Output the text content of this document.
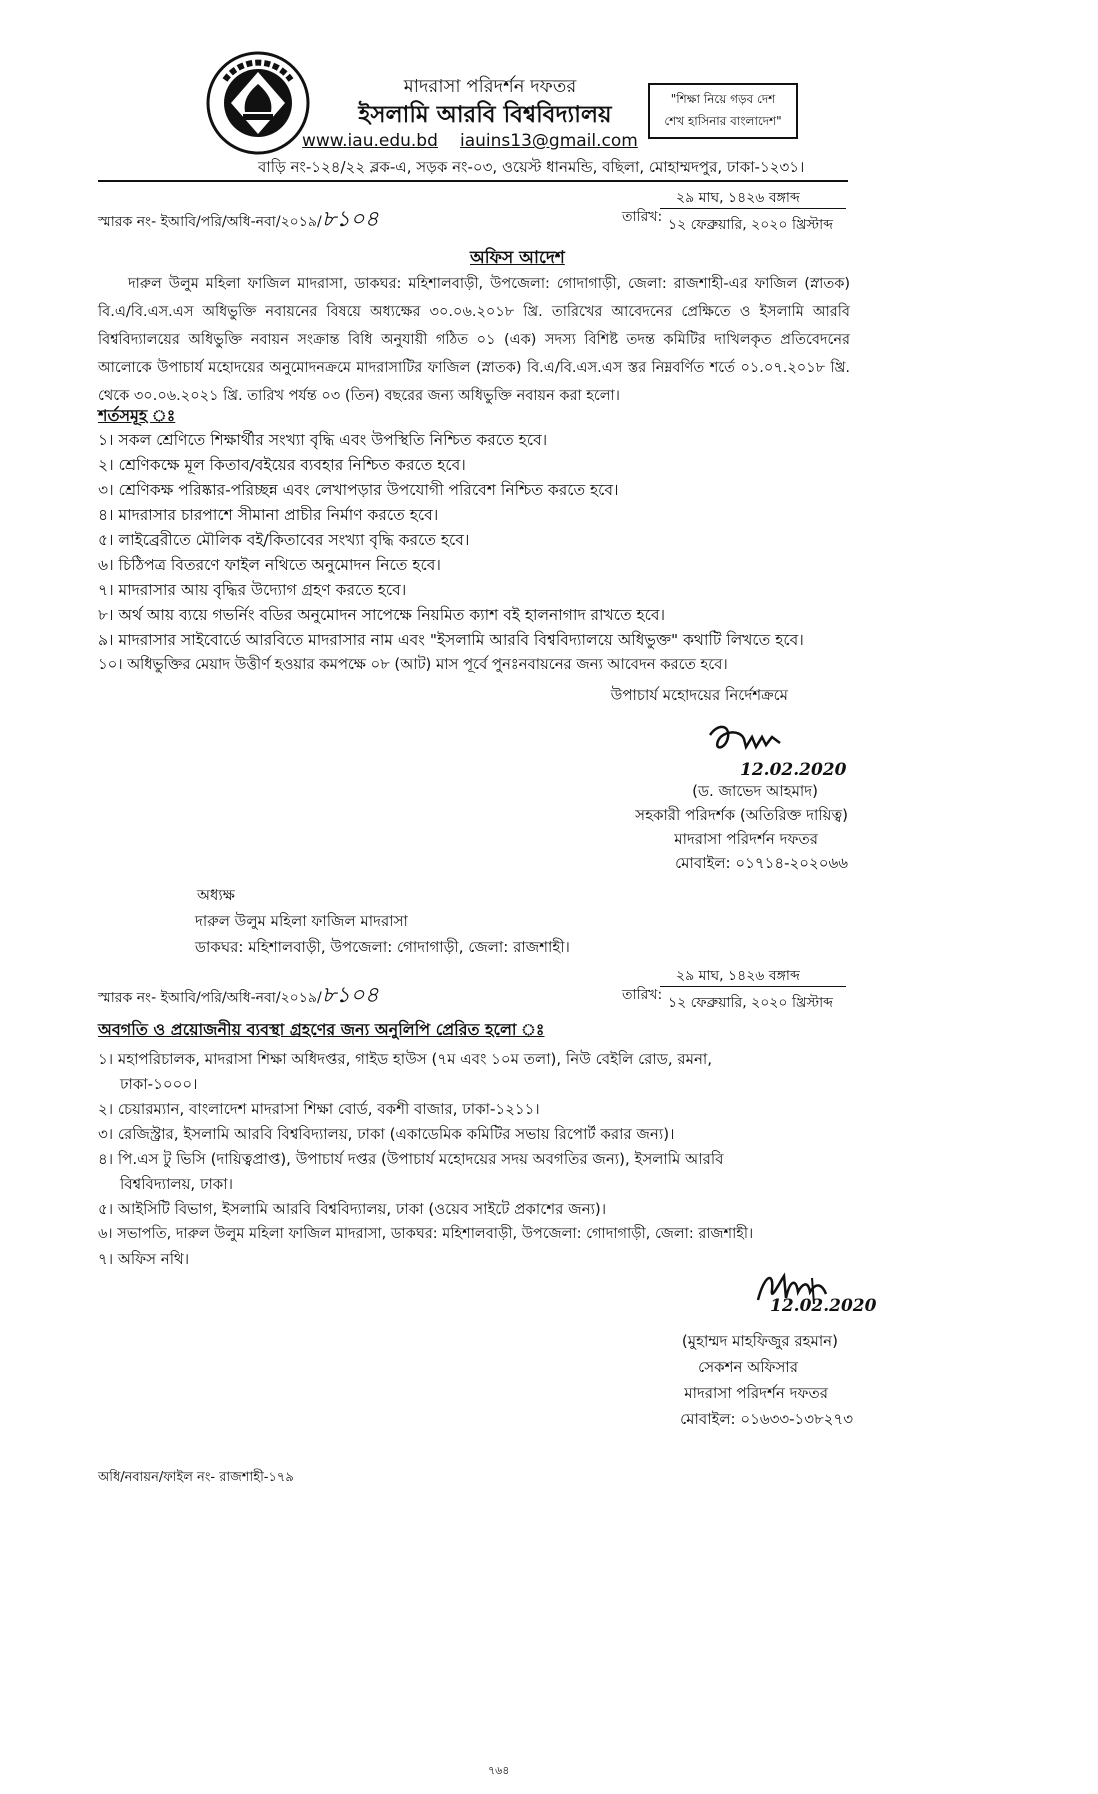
মাদরাসা পরিদর্শন দফতর
ইসলামি আরবি বিশ্ববিদ্যালয়
www.iau.edu.bd iauins13@gmail.com
"শিক্ষা নিয়ে গড়ব দেশ
শেখ হাসিনার বাংলাদেশ"
বাড়ি নং-১২৪/২২ ব্লক-এ, সড়ক নং-০৩, ওয়েস্ট ধানমন্ডি, বছিলা, মোহাম্মদপুর, ঢাকা-১২৩১।
স্মারক নং- ইআবি/পরি/অধি-নবা/২০১৯/৮১০৪	তারিখ:
২৯ মাঘ, ১৪২৬ বঙ্গাব্দ
১২ ফেব্রুয়ারি, ২০২০ খ্রিস্টাব্দ
অফিস আদেশ
দারুল উলুম মহিলা ফাজিল মাদরাসা, ডাকঘর: মহিশালবাড়ী, উপজেলা: গোদাগাড়ী, জেলা: রাজশাহী-এর ফাজিল (স্নাতক) বি.এ/বি.এস.এস অধিভুক্তি নবায়নের বিষয়ে অধ্যক্ষের ৩০.০৬.২০১৮ খ্রি. তারিখের আবেদনের প্রেক্ষিতে ও ইসলামি আরবি বিশ্ববিদ্যালয়ের অধিভুক্তি নবায়ন সংক্রান্ত বিধি অনুযায়ী গঠিত ০১ (এক) সদস্য বিশিষ্ট তদন্ত কমিটির দাখিলকৃত প্রতিবেদনের আলোকে উপাচার্য মহোদয়ের অনুমোদনক্রমে মাদরাসাটির ফাজিল (স্নাতক) বি.এ/বি.এস.এস স্তর নিম্নবর্ণিত শর্তে ০১.০৭.২০১৮ খ্রি. থেকে ৩০.০৬.২০২১ খ্রি. তারিখ পর্যন্ত ০৩ (তিন) বছরের জন্য অধিভুক্তি নবায়ন করা হলো।
শর্তসমূহ ঃ
১। সকল শ্রেণিতে শিক্ষার্থীর সংখ্যা বৃদ্ধি এবং উপস্থিতি নিশ্চিত করতে হবে।
২। শ্রেণিকক্ষে মূল কিতাব/বইয়ের ব্যবহার নিশ্চিত করতে হবে।
৩। শ্রেণিকক্ষ পরিষ্কার-পরিচ্ছন্ন এবং লেখাপড়ার উপযোগী পরিবেশ নিশ্চিত করতে হবে।
৪। মাদরাসার চারপাশে সীমানা প্রাচীর নির্মাণ করতে হবে।
৫। লাইব্রেরীতে মৌলিক বই/কিতাবের সংখ্যা বৃদ্ধি করতে হবে।
৬। চিঠিপত্র বিতরণে ফাইল নথিতে অনুমোদন নিতে হবে।
৭। মাদরাসার আয় বৃদ্ধির উদ্যোগ গ্রহণ করতে হবে।
৮। অর্থ আয় ব্যয়ে গভর্নিং বডির অনুমোদন সাপেক্ষে নিয়মিত ক্যাশ বই হালনাগাদ রাখতে হবে।
৯। মাদরাসার সাইবোর্ডে আরবিতে মাদরাসার নাম এবং "ইসলামি আরবি বিশ্ববিদ্যালয়ে অধিভুক্ত" কথাটি লিখতে হবে।
১০। অধিভুক্তির মেয়াদ উত্তীর্ণ হওয়ার কমপক্ষে ০৮ (আট) মাস পূর্বে পুনঃনবায়নের জন্য আবেদন করতে হবে।
উপাচার্য মহোদয়ের নির্দেশক্রমে
12.02.2020
(ড. জাভেদ আহমাদ)
সহকারী পরিদর্শক (অতিরিক্ত দায়িত্ব)
মাদরাসা পরিদর্শন দফতর
মোবাইল: ০১৭১৪-২০২০৬৬
অধ্যক্ষ
দারুল উলুম মহিলা ফাজিল মাদরাসা
ডাকঘর: মহিশালবাড়ী, উপজেলা: গোদাগাড়ী, জেলা: রাজশাহী।
স্মারক নং- ইআবি/পরি/অধি-নবা/২০১৯/৮১০৪	তারিখ:
২৯ মাঘ, ১৪২৬ বঙ্গাব্দ
১২ ফেব্রুয়ারি, ২০২০ খ্রিস্টাব্দ
অবগতি ও প্রয়োজনীয় ব্যবস্থা গ্রহণের জন্য অনুলিপি প্রেরিত হলো ঃ
১। মহাপরিচালক, মাদরাসা শিক্ষা অধিদপ্তর, গাইড হাউস (৭ম এবং ১০ম তলা), নিউ বেইলি রোড, রমনা,
ঢাকা-১০০০।
২। চেয়ারম্যান, বাংলাদেশ মাদরাসা শিক্ষা বোর্ড, বকশী বাজার, ঢাকা-১২১১।
৩। রেজিস্ট্রার, ইসলামি আরবি বিশ্ববিদ্যালয়, ঢাকা (একাডেমিক কমিটির সভায় রিপোর্ট করার জন্য)।
৪। পি.এস টু ভিসি (দায়িত্বপ্রাপ্ত), উপাচার্য দপ্তর (উপাচার্য মহোদয়ের সদয় অবগতির জন্য), ইসলামি আরবি
বিশ্ববিদ্যালয়, ঢাকা।
৫। আইসিটি বিভাগ, ইসলামি আরবি বিশ্ববিদ্যালয়, ঢাকা (ওয়েব সাইটে প্রকাশের জন্য)।
৬। সভাপতি, দারুল উলুম মহিলা ফাজিল মাদরাসা, ডাকঘর: মহিশালবাড়ী, উপজেলা: গোদাগাড়ী, জেলা: রাজশাহী।
৭। অফিস নথি।
12.02.2020
(মুহাম্মদ মাহফিজুর রহমান)
সেকশন অফিসার
মাদরাসা পরিদর্শন দফতর
মোবাইল: ০১৬৩৩-১৩৮২৭৩
অধি/নবায়ন/ফাইল নং- রাজশাহী-১৭৯
৭৬৪
